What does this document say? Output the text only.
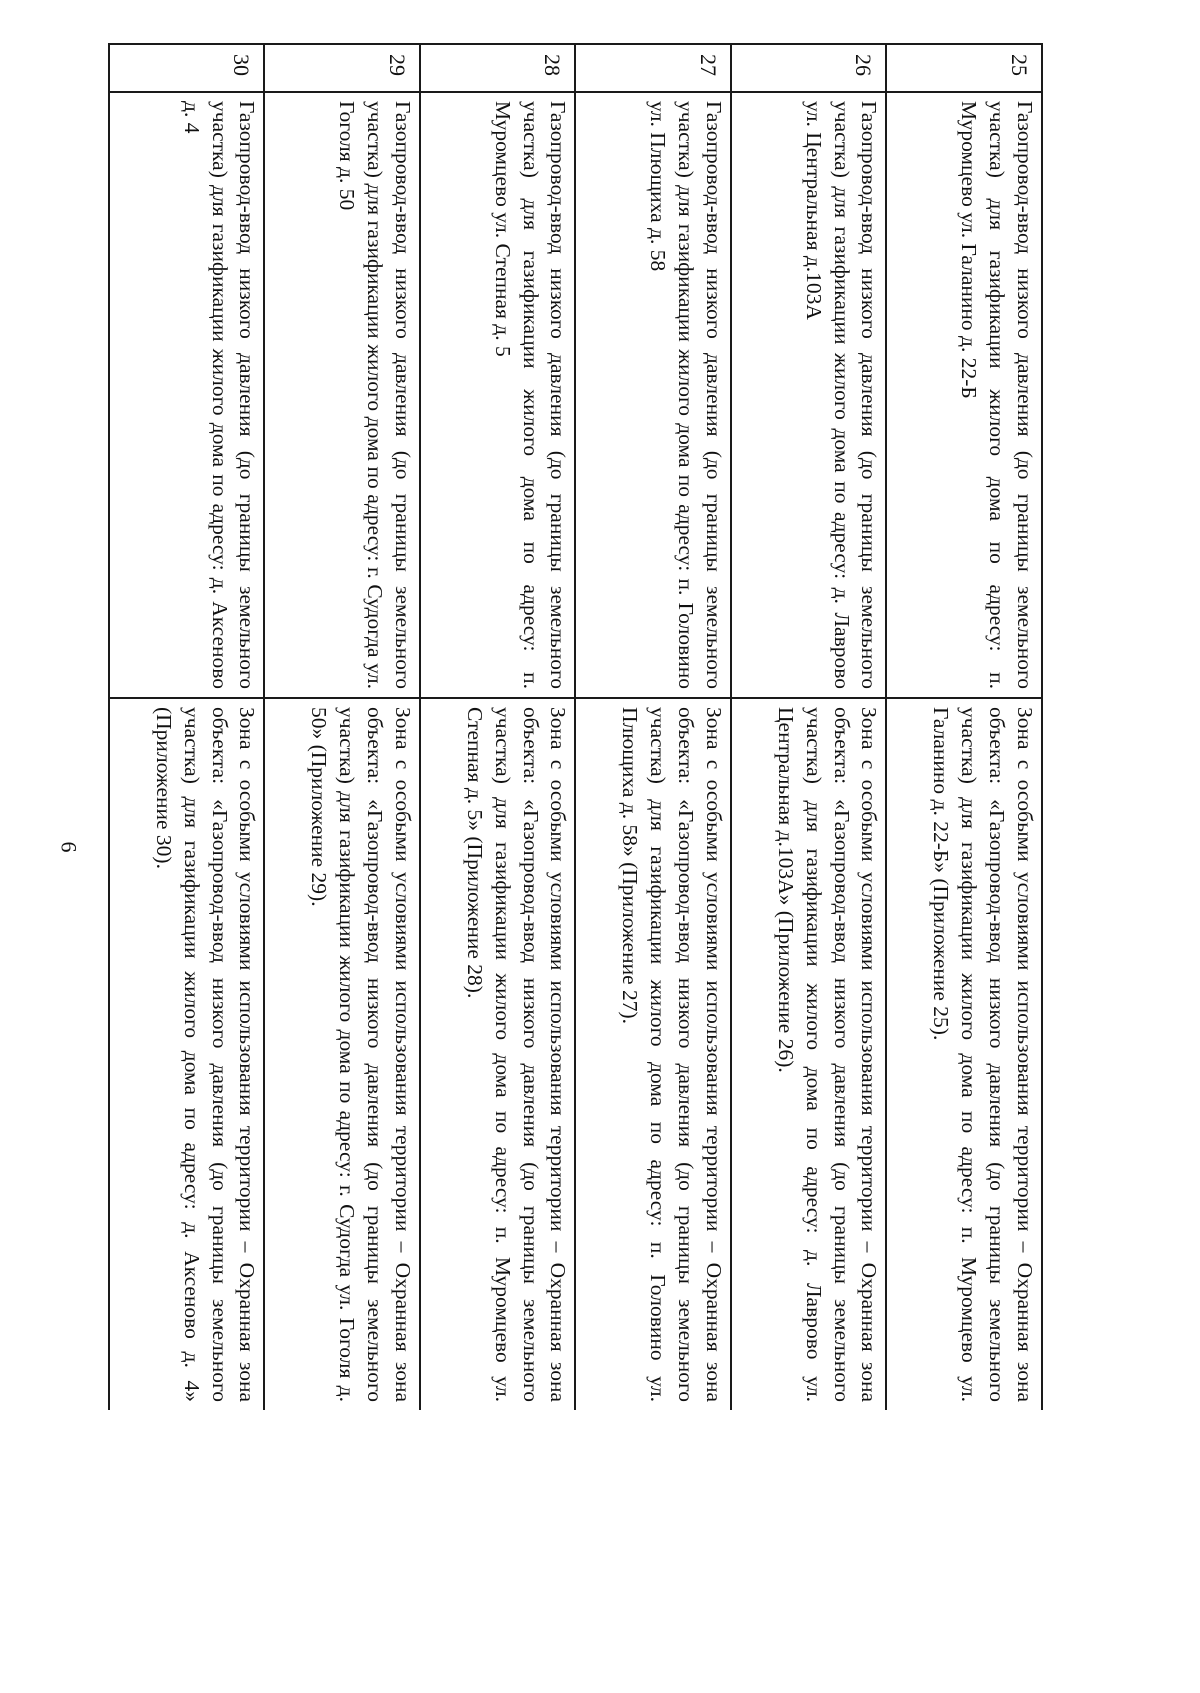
6
25	Газопровод-ввод низкого давления (до границы земельного участка) для газификации жилого дома по адресу: п. Муромцево ул. Галанино д. 22-Б	Зона с особыми условиями использования территории – Охранная зона объекта: «Газопровод-ввод низкого давления (до границы земельного участка) для газификации жилого дома по адресу: п. Муромцево ул. Галанино д. 22-Б» (Приложение 25).
26	Газопровод-ввод низкого давления (до границы земельного участка) для газификации жилого дома по адресу: д. Лаврово ул. Центральная д.103А	Зона с особыми условиями использования территории – Охранная зона объекта: «Газопровод-ввод низкого давления (до границы земельного участка) для газификации жилого дома по адресу: д. Лаврово ул. Центральная д.103А» (Приложение 26).
27	Газопровод-ввод низкого давления (до границы земельного участка) для газификации жилого дома по адресу: п. Головино ул. Плющиха д. 58	Зона с особыми условиями использования территории – Охранная зона объекта: «Газопровод-ввод низкого давления (до границы земельного участка) для газификации жилого дома по адресу: п. Головино ул. Плющиха д. 58» (Приложение 27).
28	Газопровод-ввод низкого давления (до границы земельного участка) для газификации жилого дома по адресу: п. Муромцево ул. Степная д. 5	Зона с особыми условиями использования территории – Охранная зона объекта: «Газопровод-ввод низкого давления (до границы земельного участка) для газификации жилого дома по адресу: п. Муромцево ул. Степная д. 5» (Приложение 28).
29	Газопровод-ввод низкого давления (до границы земельного участка) для газификации жилого дома по адресу: г. Судогда ул. Гоголя д. 50	Зона с особыми условиями использования территории – Охранная зона объекта: «Газопровод-ввод низкого давления (до границы земельного участка) для газификации жилого дома по адресу: г. Судогда ул. Гоголя д. 50» (Приложение 29).
30	Газопровод-ввод низкого давления (до границы земельного участка) для газификации жилого дома по адресу: д. Аксеново д. 4	Зона с особыми условиями использования территории – Охранная зона объекта: «Газопровод-ввод низкого давления (до границы земельного участка) для газификации жилого дома по адресу: д. Аксеново д. 4» (Приложение 30).
